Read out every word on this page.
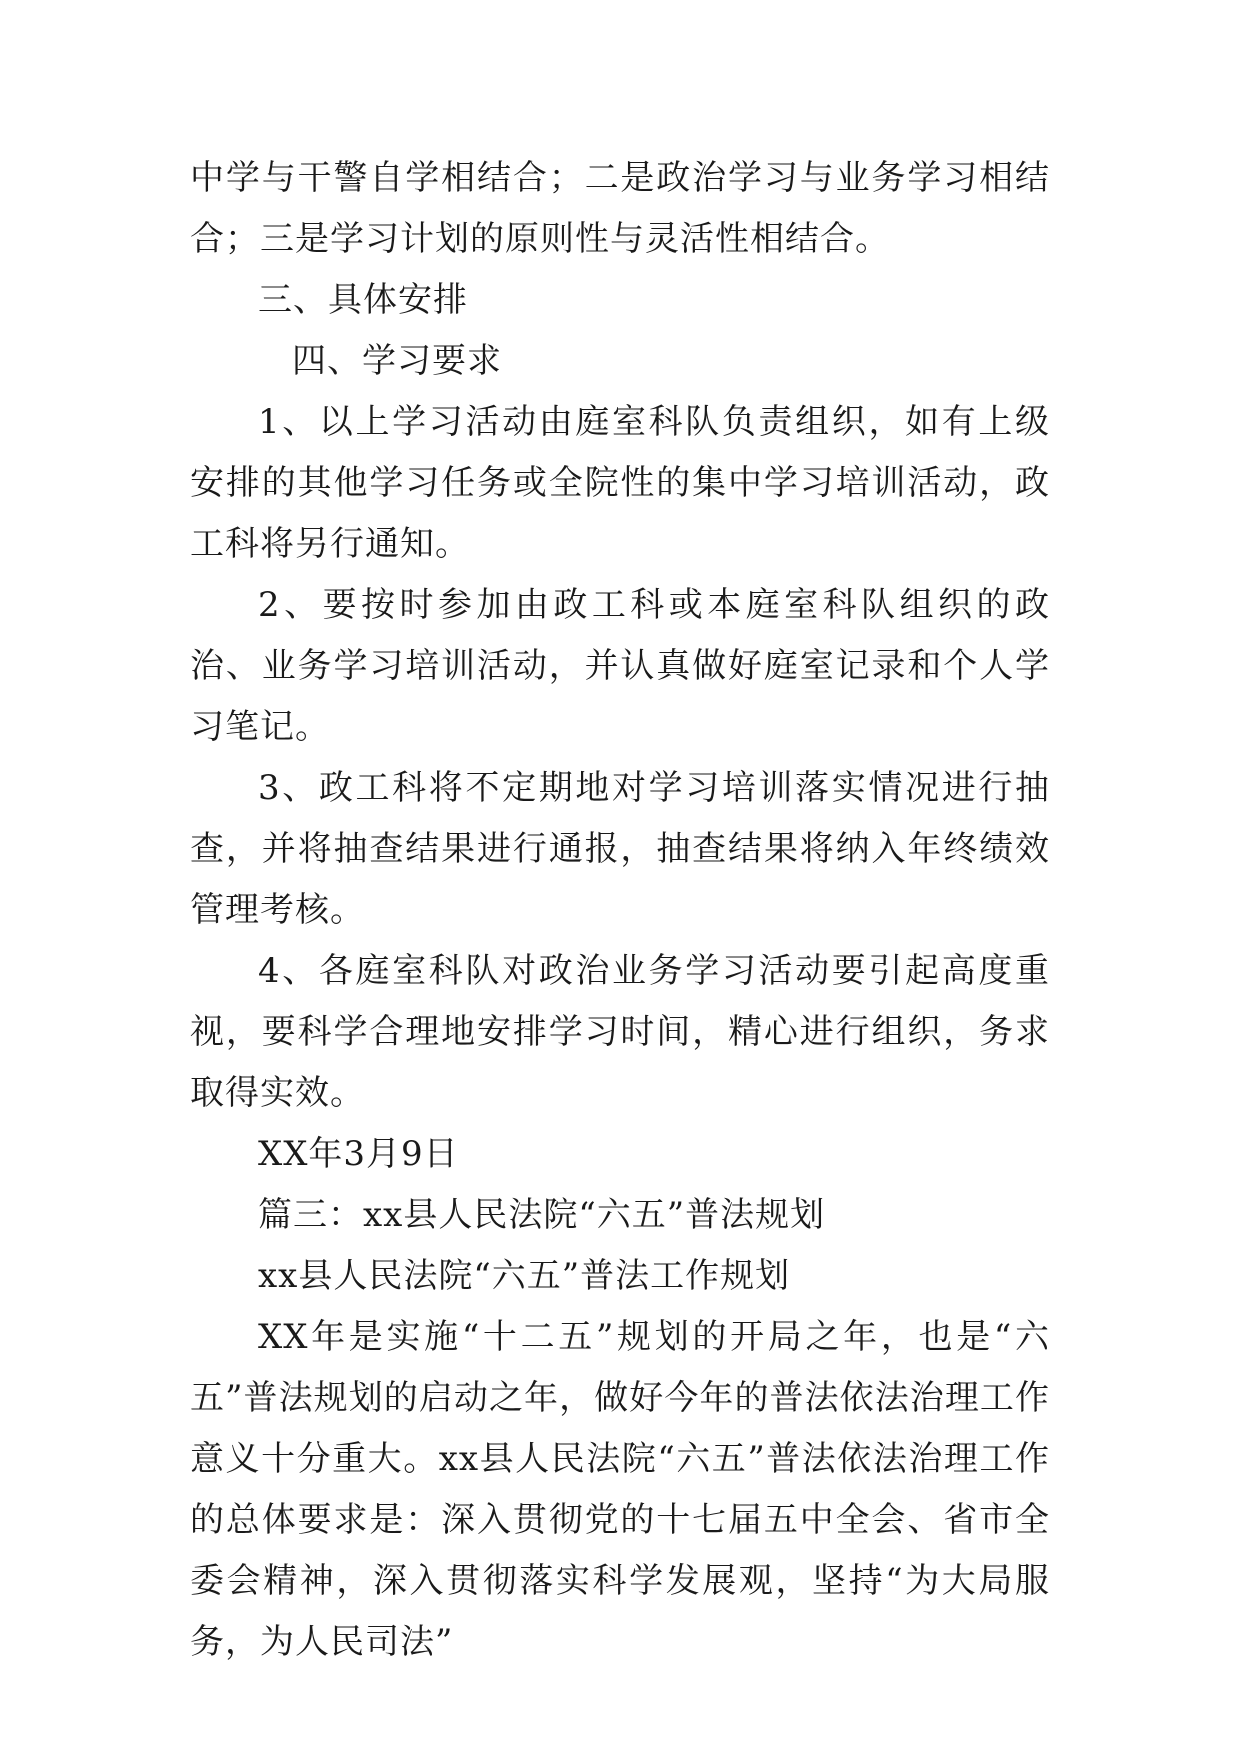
中学与干警自学相结合；二是政治学习与业务学习相结合；三是学习计划的原则性与灵活性相结合。

三、具体安排

四、学习要求

1、以上学习活动由庭室科队负责组织，如有上级安排的其他学习任务或全院性的集中学习培训活动，政工科将另行通知。

2、要按时参加由政工科或本庭室科队组织的政治、业务学习培训活动，并认真做好庭室记录和个人学习笔记。

3、政工科将不定期地对学习培训落实情况进行抽查，并将抽查结果进行通报，抽查结果将纳入年终绩效管理考核。

4、各庭室科队对政治业务学习活动要引起高度重视，要科学合理地安排学习时间，精心进行组织，务求取得实效。

XX年3月9日

篇三：xx县人民法院“六五”普法规划

xx县人民法院“六五”普法工作规划

XX年是实施“十二五”规划的开局之年，也是“六五”普法规划的启动之年，做好今年的普法依法治理工作意义十分重大。xx县人民法院“六五”普法依法治理工作的总体要求是：深入贯彻党的十七届五中全会、省市全委会精神，深入贯彻落实科学发展观，坚持“为大局服务，为人民司法”
